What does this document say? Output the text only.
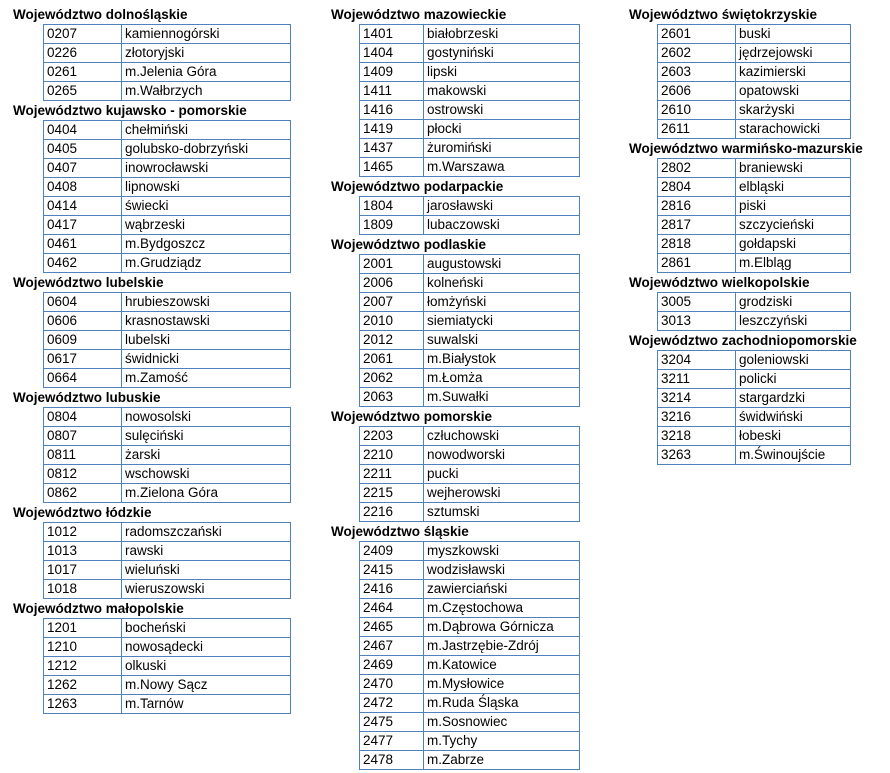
Województwo dolnośląskie
0207	kamiennogórski
0226	złotoryjski
0261	m.Jelenia Góra
0265	m.Wałbrzych
Województwo kujawsko - pomorskie
0404	chełmiński
0405	golubsko-dobrzyński
0407	inowrocławski
0408	lipnowski
0414	świecki
0417	wąbrzeski
0461	m.Bydgoszcz
0462	m.Grudziądz
Województwo lubelskie
0604	hrubieszowski
0606	krasnostawski
0609	lubelski
0617	świdnicki
0664	m.Zamość
Województwo lubuskie
0804	nowosolski
0807	sulęciński
0811	żarski
0812	wschowski
0862	m.Zielona Góra
Województwo łódzkie
1012	radomszczański
1013	rawski
1017	wieluński
1018	wieruszowski
Województwo małopolskie
1201	bocheński
1210	nowosądecki
1212	olkuski
1262	m.Nowy Sącz
1263	m.Tarnów
Województwo mazowieckie
1401	białobrzeski
1404	gostyniński
1409	lipski
1411	makowski
1416	ostrowski
1419	płocki
1437	żuromiński
1465	m.Warszawa
Województwo podarpackie
1804	jarosławski
1809	lubaczowski
Województwo podlaskie
2001	augustowski
2006	kolneński
2007	łomżyński
2010	siemiatycki
2012	suwalski
2061	m.Białystok
2062	m.Łomża
2063	m.Suwałki
Województwo pomorskie
2203	człuchowski
2210	nowodworski
2211	pucki
2215	wejherowski
2216	sztumski
Województwo śląskie
2409	myszkowski
2415	wodzisławski
2416	zawierciański
2464	m.Częstochowa
2465	m.Dąbrowa Górnicza
2467	m.Jastrzębie-Zdrój
2469	m.Katowice
2470	m.Mysłowice
2472	m.Ruda Śląska
2475	m.Sosnowiec
2477	m.Tychy
2478	m.Zabrze
Województwo świętokrzyskie
2601	buski
2602	jędrzejowski
2603	kazimierski
2606	opatowski
2610	skarżyski
2611	starachowicki
Województwo warmińsko-mazurskie
2802	braniewski
2804	elbląski
2816	piski
2817	szczycieński
2818	gołdapski
2861	m.Elbląg
Województwo wielkopolskie
3005	grodziski
3013	leszczyński
Województwo zachodniopomorskie
3204	goleniowski
3211	policki
3214	stargardzki
3216	świdwiński
3218	łobeski
3263	m.Świnoujście
